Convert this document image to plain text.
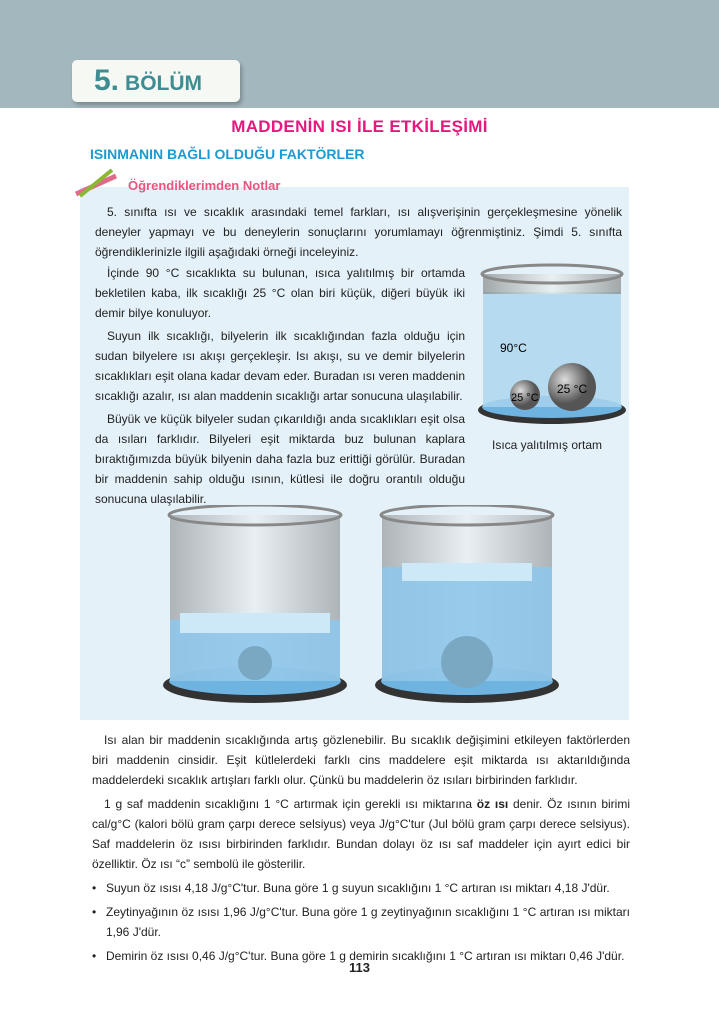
5. BÖLÜM
MADDENİN ISI İLE ETKİLEŞİMİ
ISINMANIN BAĞLI OLDUĞU FAKTÖRLER
Öğrendiklerimden Notlar

5. sınıfta ısı ve sıcaklık arasındaki temel farkları, ısı alışverişinin gerçekleşmesine yönelik deneyler yapmayı ve bu deneylerin sonuçlarını yorumlamayı öğrenmiştiniz. Şimdi 5. sınıfta öğrendiklerinizle ilgili aşağıdaki örneği inceleyiniz.

İçinde 90 °C sıcaklıkta su bulunan, ısıca yalıtılmış bir ortamda bekletilen kaba, ilk sıcaklığı 25 °C olan biri küçük, diğeri büyük iki demir bilye konuluyor.

Suyun ilk sıcaklığı, bilyelerin ilk sıcaklığından fazla olduğu için sudan bilyelere ısı akışı gerçekleşir. Isı akışı, su ve demir bilyelerin sıcaklıkları eşit olana kadar devam eder. Buradan ısı veren maddenin sıcaklığı azalır, ısı alan maddenin sıcaklığı artar sonucuna ulaşılabilir.

Büyük ve küçük bilyeler sudan çıkarıldığı anda sıcaklıkları eşit olsa da ısıları farklıdır. Bilyeleri eşit miktarda buz bulunan kaplara bıraktığımızda büyük bilyenin daha fazla buz erittiği görülür. Buradan bir maddenin sahip olduğu ısının, kütlesi ile doğru orantılı olduğu sonucuna ulaşılabilir.

90°C
25 °C
25 °C
Isıca yalıtılmış ortam

Isı alan bir maddenin sıcaklığında artış gözlenebilir. Bu sıcaklık değişimini etkileyen faktörlerden biri maddenin cinsidir. Eşit kütlelerdeki farklı cins maddelere eşit miktarda ısı aktarıldığında maddelerdeki sıcaklık artışları farklı olur. Çünkü bu maddelerin öz ısıları birbirinden farklıdır.

1 g saf maddenin sıcaklığını 1 °C artırmak için gerekli ısı miktarına öz ısı denir. Öz ısının birimi cal/g°C (kalori bölü gram çarpı derece selsiyus) veya J/g°C'tur (Jul bölü gram çarpı derece selsiyus). Saf maddelerin öz ısısı birbirinden farklıdır. Bundan dolayı öz ısı saf maddeler için ayırt edici bir özelliktir. Öz ısı “c” sembolü ile gösterilir.

• Suyun öz ısısı 4,18 J/g°C'tur. Buna göre 1 g suyun sıcaklığını 1 °C artıran ısı miktarı 4,18 J'dür.
• Zeytinyağının öz ısısı 1,96 J/g°C'tur. Buna göre 1 g zeytinyağının sıcaklığını 1 °C artıran ısı miktarı 1,96 J'dür.
• Demirin öz ısısı 0,46 J/g°C'tur. Buna göre 1 g demirin sıcaklığını 1 °C artıran ısı miktarı 0,46 J'dür.
113
